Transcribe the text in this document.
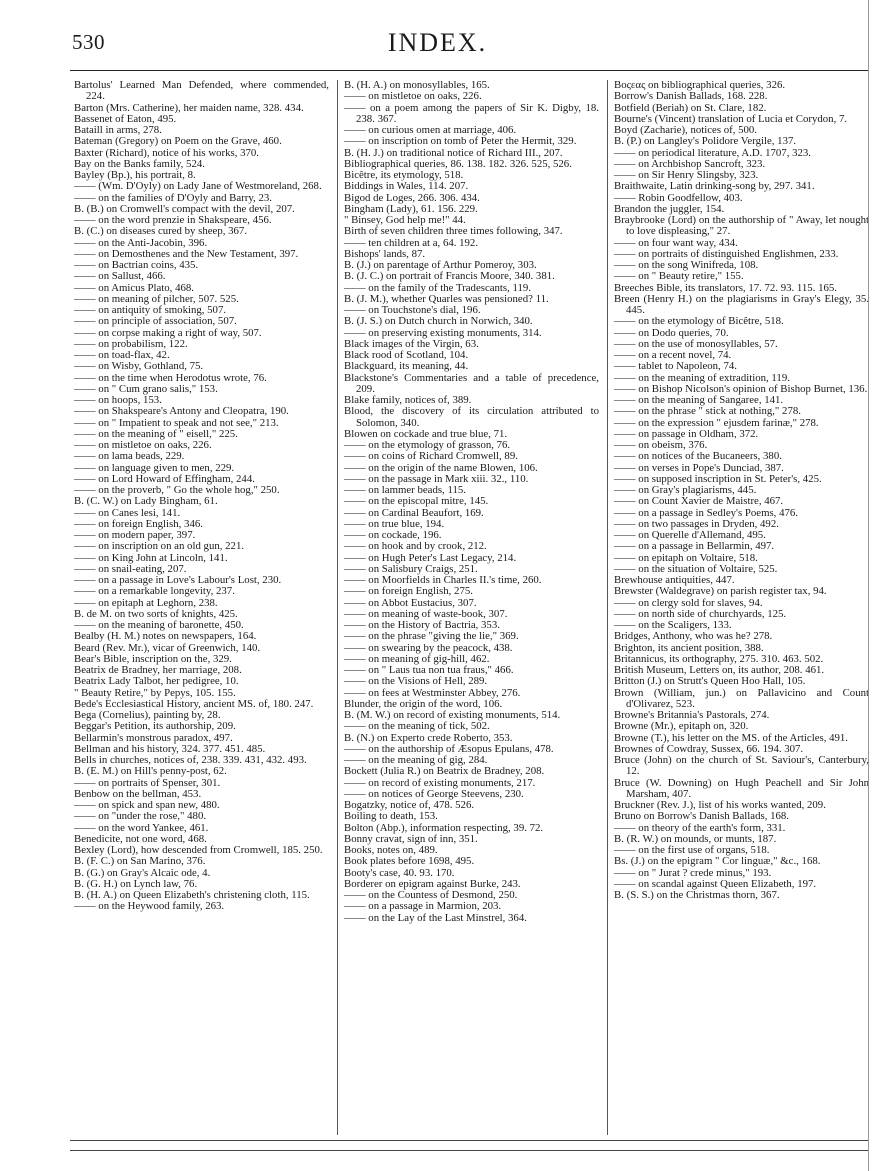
530	INDEX.

Bartolus' Learned Man Defended, where commended, 224.

Barton (Mrs. Catherine), her maiden name, 328. 434.

Bassenet of Eaton, 495.

Bataill in arms, 278.

Bateman (Gregory) on Poem on the Grave, 460.

Baxter (Richard), notice of his works, 370.

Bay on the Banks family, 524.

Bayley (Bp.), his portrait, 8.

—— (Wm. D'Oyly) on Lady Jane of Westmoreland, 268.

—— on the families of D'Oyly and Barry, 23.

B. (B.) on Cromwell's compact with the devil, 207.

—— on the word prenzie in Shakspeare, 456.

B. (C.) on diseases cured by sheep, 367.

—— on the Anti-Jacobin, 396.

—— on Demosthenes and the New Testament, 397.

—— on Bactrian coins, 435.

—— on Sallust, 466.

—— on Amicus Plato, 468.

—— on meaning of pilcher, 507. 525.

—— on antiquity of smoking, 507.

—— on principle of association, 507.

—— on corpse making a right of way, 507.

—— on probabilism, 122.

—— on toad-flax, 42.

—— on Wisby, Gothland, 75.

—— on the time when Herodotus wrote, 76.

—— on " Cum grano salis," 153.

—— on hoops, 153.

—— on Shakspeare's Antony and Cleopatra, 190.

—— on " Impatient to speak and not see," 213.

—— on the meaning of " eisell," 225.

—— on mistletoe on oaks, 226.

—— on lama beads, 229.

—— on language given to men, 229.

—— on Lord Howard of Effingham, 244.

—— on the proverb, " Go the whole hog," 250.

B. (C. W.) on Lady Bingham, 61.

—— on Canes lesi, 141.

—— on foreign English, 346.

—— on modern paper, 397.

—— on inscription on an old gun, 221.

—— on King John at Lincoln, 141.

—— on snail-eating, 207.

—— on a passage in Love's Labour's Lost, 230.

—— on a remarkable longevity, 237.

—— on epitaph at Leghorn, 238.

B. de M. on two sorts of knights, 425.

—— on the meaning of baronette, 450.

Bealby (H. M.) notes on newspapers, 164.

Beard (Rev. Mr.), vicar of Greenwich, 140.

Bear's Bible, inscription on the, 329.

Beatrix de Bradney, her marriage, 208.

Beatrix Lady Talbot, her pedigree, 10.

" Beauty Retire," by Pepys, 105. 155.

Bede's Ecclesiastical History, ancient MS. of, 180. 247.

Bega (Cornelius), painting by, 28.

Beggar's Petition, its authorship, 209.

Bellarmin's monstrous paradox, 497.

Bellman and his history, 324. 377. 451. 485.

Bells in churches, notices of, 238. 339. 431, 432. 493.

B. (E. M.) on Hill's penny-post, 62.

—— on portraits of Spenser, 301.

Benbow on the bellman, 453.

—— on spick and span new, 480.

—— on "under the rose," 480.

—— on the word Yankee, 461.

Benedicite, not one word, 468.

Bexley (Lord), how descended from Cromwell, 185. 250.

B. (F. C.) on San Marino, 376.

B. (G.) on Gray's Alcaic ode, 4.

B. (G. H.) on Lynch law, 76.

B. (H. A.) on Queen Elizabeth's christening cloth, 115.

—— on the Heywood family, 263.

B. (H. A.) on monosyllables, 165.

—— on mistletoe on oaks, 226.

—— on a poem among the papers of Sir K. Digby, 18. 238. 367.

—— on curious omen at marriage, 406.

—— on inscription on tomb of Peter the Hermit, 329.

B. (H. J.) on traditional notice of Richard III., 207.

Bibliographical queries, 86. 138. 182. 326. 525, 526.

Bicêtre, its etymology, 518.

Biddings in Wales, 114. 207.

Bigod de Loges, 266. 306. 434.

Bingham (Lady), 61. 156. 229.

" Binsey, God help me!" 44.

Birth of seven children three times following, 347.

—— ten children at a, 64. 192.

Bishops' lands, 87.

B. (J.) on parentage of Arthur Pomeroy, 303.

B. (J. C.) on portrait of Francis Moore, 340. 381.

—— on the family of the Tradescants, 119.

B. (J. M.), whether Quarles was pensioned? 11.

—— on Touchstone's dial, 196.

B. (J. S.) on Dutch church in Norwich, 340.

—— on preserving existing monuments, 314.

Black images of the Virgin, 63.

Black rood of Scotland, 104.

Blackguard, its meaning, 44.

Blackstone's Commentaries and a table of precedence, 209.

Blake family, notices of, 389.

Blood, the discovery of its circulation attributed to Solomon, 340.

Blowen on cockade and true blue, 71.

—— on the etymology of grasson, 76.

—— on coins of Richard Cromwell, 89.

—— on the origin of the name Blowen, 106.

—— on the passage in Mark xiii. 32., 110.

—— on lammer beads, 115.

—— on the episcopal mitre, 145.

—— on Cardinal Beaufort, 169.

—— on true blue, 194.

—— on cockade, 196.

—— on hook and by crook, 212.

—— on Hugh Peter's Last Legacy, 214.

—— on Salisbury Craigs, 251.

—— on Moorfields in Charles II.'s time, 260.

—— on foreign English, 275.

—— on Abbot Eustacius, 307.

—— on meaning of waste-book, 307.

—— on the History of Bactria, 353.

—— on the phrase "giving the lie," 369.

—— on swearing by the peacock, 438.

—— on meaning of gig-hill, 462.

—— on " Laus tua non tua fraus," 466.

—— on the Visions of Hell, 289.

—— on fees at Westminster Abbey, 276.

Blunder, the origin of the word, 106.

B. (M. W.) on record of existing monuments, 514.

—— on the meaning of tick, 502.

B. (N.) on Experto crede Roberto, 353.

—— on the authorship of Æsopus Epulans, 478.

—— on the meaning of gig, 284.

Bockett (Julia R.) on Beatrix de Bradney, 208.

—— on record of existing monuments, 217.

—— on notices of George Steevens, 230.

Bogatzky, notice of, 478. 526.

Boiling to death, 153.

Bolton (Abp.), information respecting, 39. 72.

Bonny cravat, sign of inn, 351.

Books, notes on, 489.

Book plates before 1698, 495.

Booty's case, 40. 93. 170.

Borderer on epigram against Burke, 243.

—— on the Countess of Desmond, 250.

—— on a passage in Marmion, 203.

—— on the Lay of the Last Minstrel, 364.

Βοςεας on bibliographical queries, 326.

Borrow's Danish Ballads, 168. 228.

Botfield (Beriah) on St. Clare, 182.

Bourne's (Vincent) translation of Lucia et Corydon, 7.

Boyd (Zacharie), notices of, 500.

B. (P.) on Langley's Polidore Vergile, 137.

—— on periodical literature, A.D. 1707, 323.

—— on Archbishop Sancroft, 323.

—— on Sir Henry Slingsby, 323.

Braithwaite, Latin drinking-song by, 297. 341.

—— Robin Goodfellow, 403.

Brandon the juggler, 154.

Braybrooke (Lord) on the authorship of " Away, let nought to love displeasing," 27.

—— on four want way, 434.

—— on portraits of distinguished Englishmen, 233.

—— on the song Winifreda, 108.

—— on " Beauty retire," 155.

Breeches Bible, its translators, 17. 72. 93. 115. 165.

Breen (Henry H.) on the plagiarisms in Gray's Elegy, 35. 445.

—— on the etymology of Bicêtre, 518.

—— on Dodo queries, 70.

—— on the use of monosyllables, 57.

—— on a recent novel, 74.

—— tablet to Napoleon, 74.

—— on the meaning of extradition, 119.

—— on Bishop Nicolson's opinion of Bishop Burnet, 136.

—— on the meaning of Sangaree, 141.

—— on the phrase " stick at nothing," 278.

—— on the expression " ejusdem farinæ," 278.

—— on passage in Oldham, 372.

—— on obeism, 376.

—— on notices of the Bucaneers, 380.

—— on verses in Pope's Dunciad, 387.

—— on supposed inscription in St. Peter's, 425.

—— on Gray's plagiarisms, 445.

—— on Count Xavier de Maistre, 467.

—— on a passage in Sedley's Poems, 476.

—— on two passages in Dryden, 492.

—— on Querelle d'Allemand, 495.

—— on a passage in Bellarmin, 497.

—— on epitaph on Voltaire, 518.

—— on the situation of Voltaire, 525.

Brewhouse antiquities, 447.

Brewster (Waldegrave) on parish register tax, 94.

—— on clergy sold for slaves, 94.

—— on north side of churchyards, 125.

—— on the Scaligers, 133.

Bridges, Anthony, who was he? 278.

Brighton, its ancient position, 388.

Britannicus, its orthography, 275. 310. 463. 502.

British Museum, Letters on, its author, 208. 461.

Britton (J.) on Strutt's Queen Hoo Hall, 105.

Brown (William, jun.) on Pallavicino and Count d'Olivarez, 523.

Browne's Britannia's Pastorals, 274.

Browne (Mr.), epitaph on, 320.

Browne (T.), his letter on the MS. of the Articles, 491.

Brownes of Cowdray, Sussex, 66. 194. 307.

Bruce (John) on the church of St. Saviour's, Canterbury, 12.

Bruce (W. Downing) on Hugh Peachell and Sir John Marsham, 407.

Bruckner (Rev. J.), list of his works wanted, 209.

Bruno on Borrow's Danish Ballads, 168.

—— on theory of the earth's form, 331.

B. (R. W.) on mounds, or munts, 187.

—— on the first use of organs, 518.

Bs. (J.) on the epigram " Cor linguæ," &c., 168.

—— on " Jurat ? crede minus," 193.

—— on scandal against Queen Elizabeth, 197.

B. (S. S.) on the Christmas thorn, 367.
